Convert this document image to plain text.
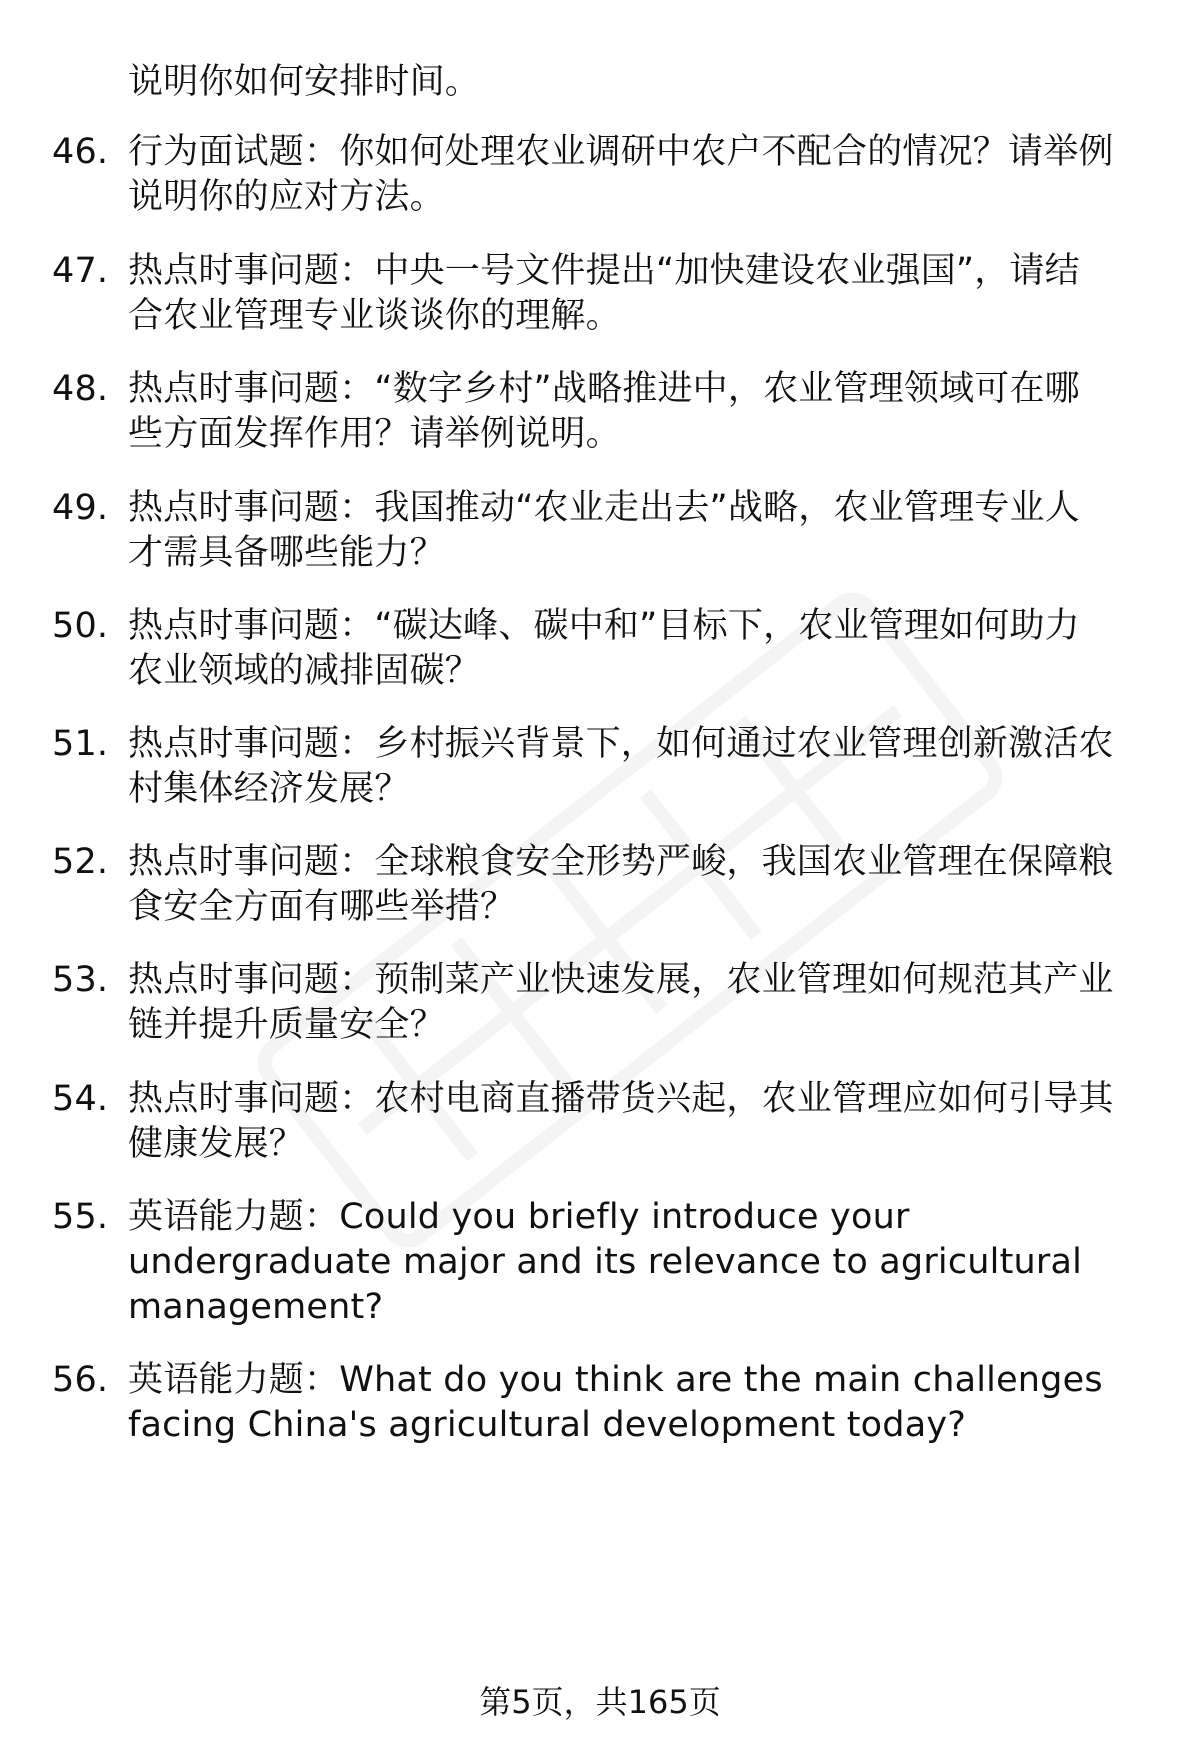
说明你如何安排时间。
46. 行为面试题：你如何处理农业调研中农户不配合的情况？请举例
说明你的应对方法。
47. 热点时事问题：中央一号文件提出“加快建设农业强国”，请结
合农业管理专业谈谈你的理解。
48. 热点时事问题：“数字乡村”战略推进中，农业管理领域可在哪
些方面发挥作用？请举例说明。
49. 热点时事问题：我国推动“农业走出去”战略，农业管理专业人
才需具备哪些能力？
50. 热点时事问题：“碳达峰、碳中和”目标下，农业管理如何助力
农业领域的减排固碳？
51. 热点时事问题：乡村振兴背景下，如何通过农业管理创新激活农
村集体经济发展？
52. 热点时事问题：全球粮食安全形势严峻，我国农业管理在保障粮
食安全方面有哪些举措？
53. 热点时事问题：预制菜产业快速发展，农业管理如何规范其产业
链并提升质量安全？
54. 热点时事问题：农村电商直播带货兴起，农业管理应如何引导其
健康发展？
55. 英语能力题：Could you briefly introduce your
undergraduate major and its relevance to agricultural
management?
56. 英语能力题：What do you think are the main challenges
facing China's agricultural development today?
第5页，共165页
